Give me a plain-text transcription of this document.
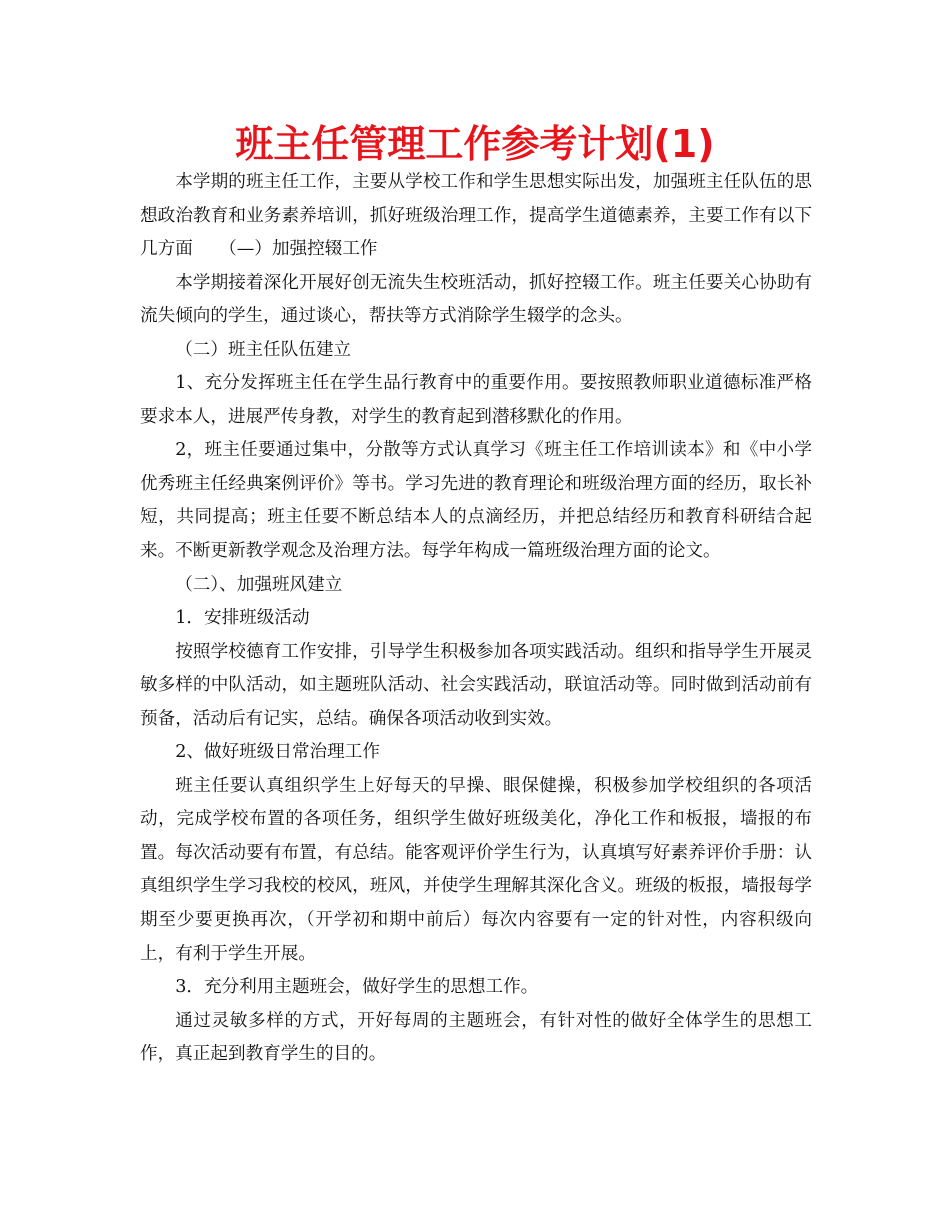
班主任管理工作参考计划(1)

本学期的班主任工作，主要从学校工作和学生思想实际出发，加强班主任队伍的思想政治教育和业务素养培训，抓好班级治理工作，提高学生道德素养，主要工作有以下几方面　　（—）加强控辍工作

本学期接着深化开展好创无流失生校班活动，抓好控辍工作。班主任要关心协助有流失倾向的学生，通过谈心，帮扶等方式消除学生辍学的念头。

（二）班主任队伍建立

1、充分发挥班主任在学生品行教育中的重要作用。要按照教师职业道德标准严格要求本人，进展严传身教，对学生的教育起到潜移默化的作用。

2，班主任要通过集中，分散等方式认真学习《班主任工作培训读本》和《中小学优秀班主任经典案例评价》等书。学习先进的教育理论和班级治理方面的经历，取长补短，共同提高；班主任要不断总结本人的点滴经历，并把总结经历和教育科研结合起来。不断更新教学观念及治理方法。每学年构成一篇班级治理方面的论文。

（二）、加强班风建立

1．安排班级活动

按照学校德育工作安排，引导学生积极参加各项实践活动。组织和指导学生开展灵敏多样的中队活动，如主题班队活动、社会实践活动，联谊活动等。同时做到活动前有预备，活动后有记实，总结。确保各项活动收到实效。

2、做好班级日常治理工作

班主任要认真组织学生上好每天的早操、眼保健操，积极参加学校组织的各项活动，完成学校布置的各项任务，组织学生做好班级美化，净化工作和板报，墙报的布置。每次活动要有布置，有总结。能客观评价学生行为，认真填写好素养评价手册：认真组织学生学习我校的校风，班风，并使学生理解其深化含义。班级的板报，墙报每学期至少要更换再次，（开学初和期中前后）每次内容要有一定的针对性，内容积级向上，有利于学生开展。

3．充分利用主题班会，做好学生的思想工作。

通过灵敏多样的方式，开好每周的主题班会，有针对性的做好全体学生的思想工作，真正起到教育学生的目的。
